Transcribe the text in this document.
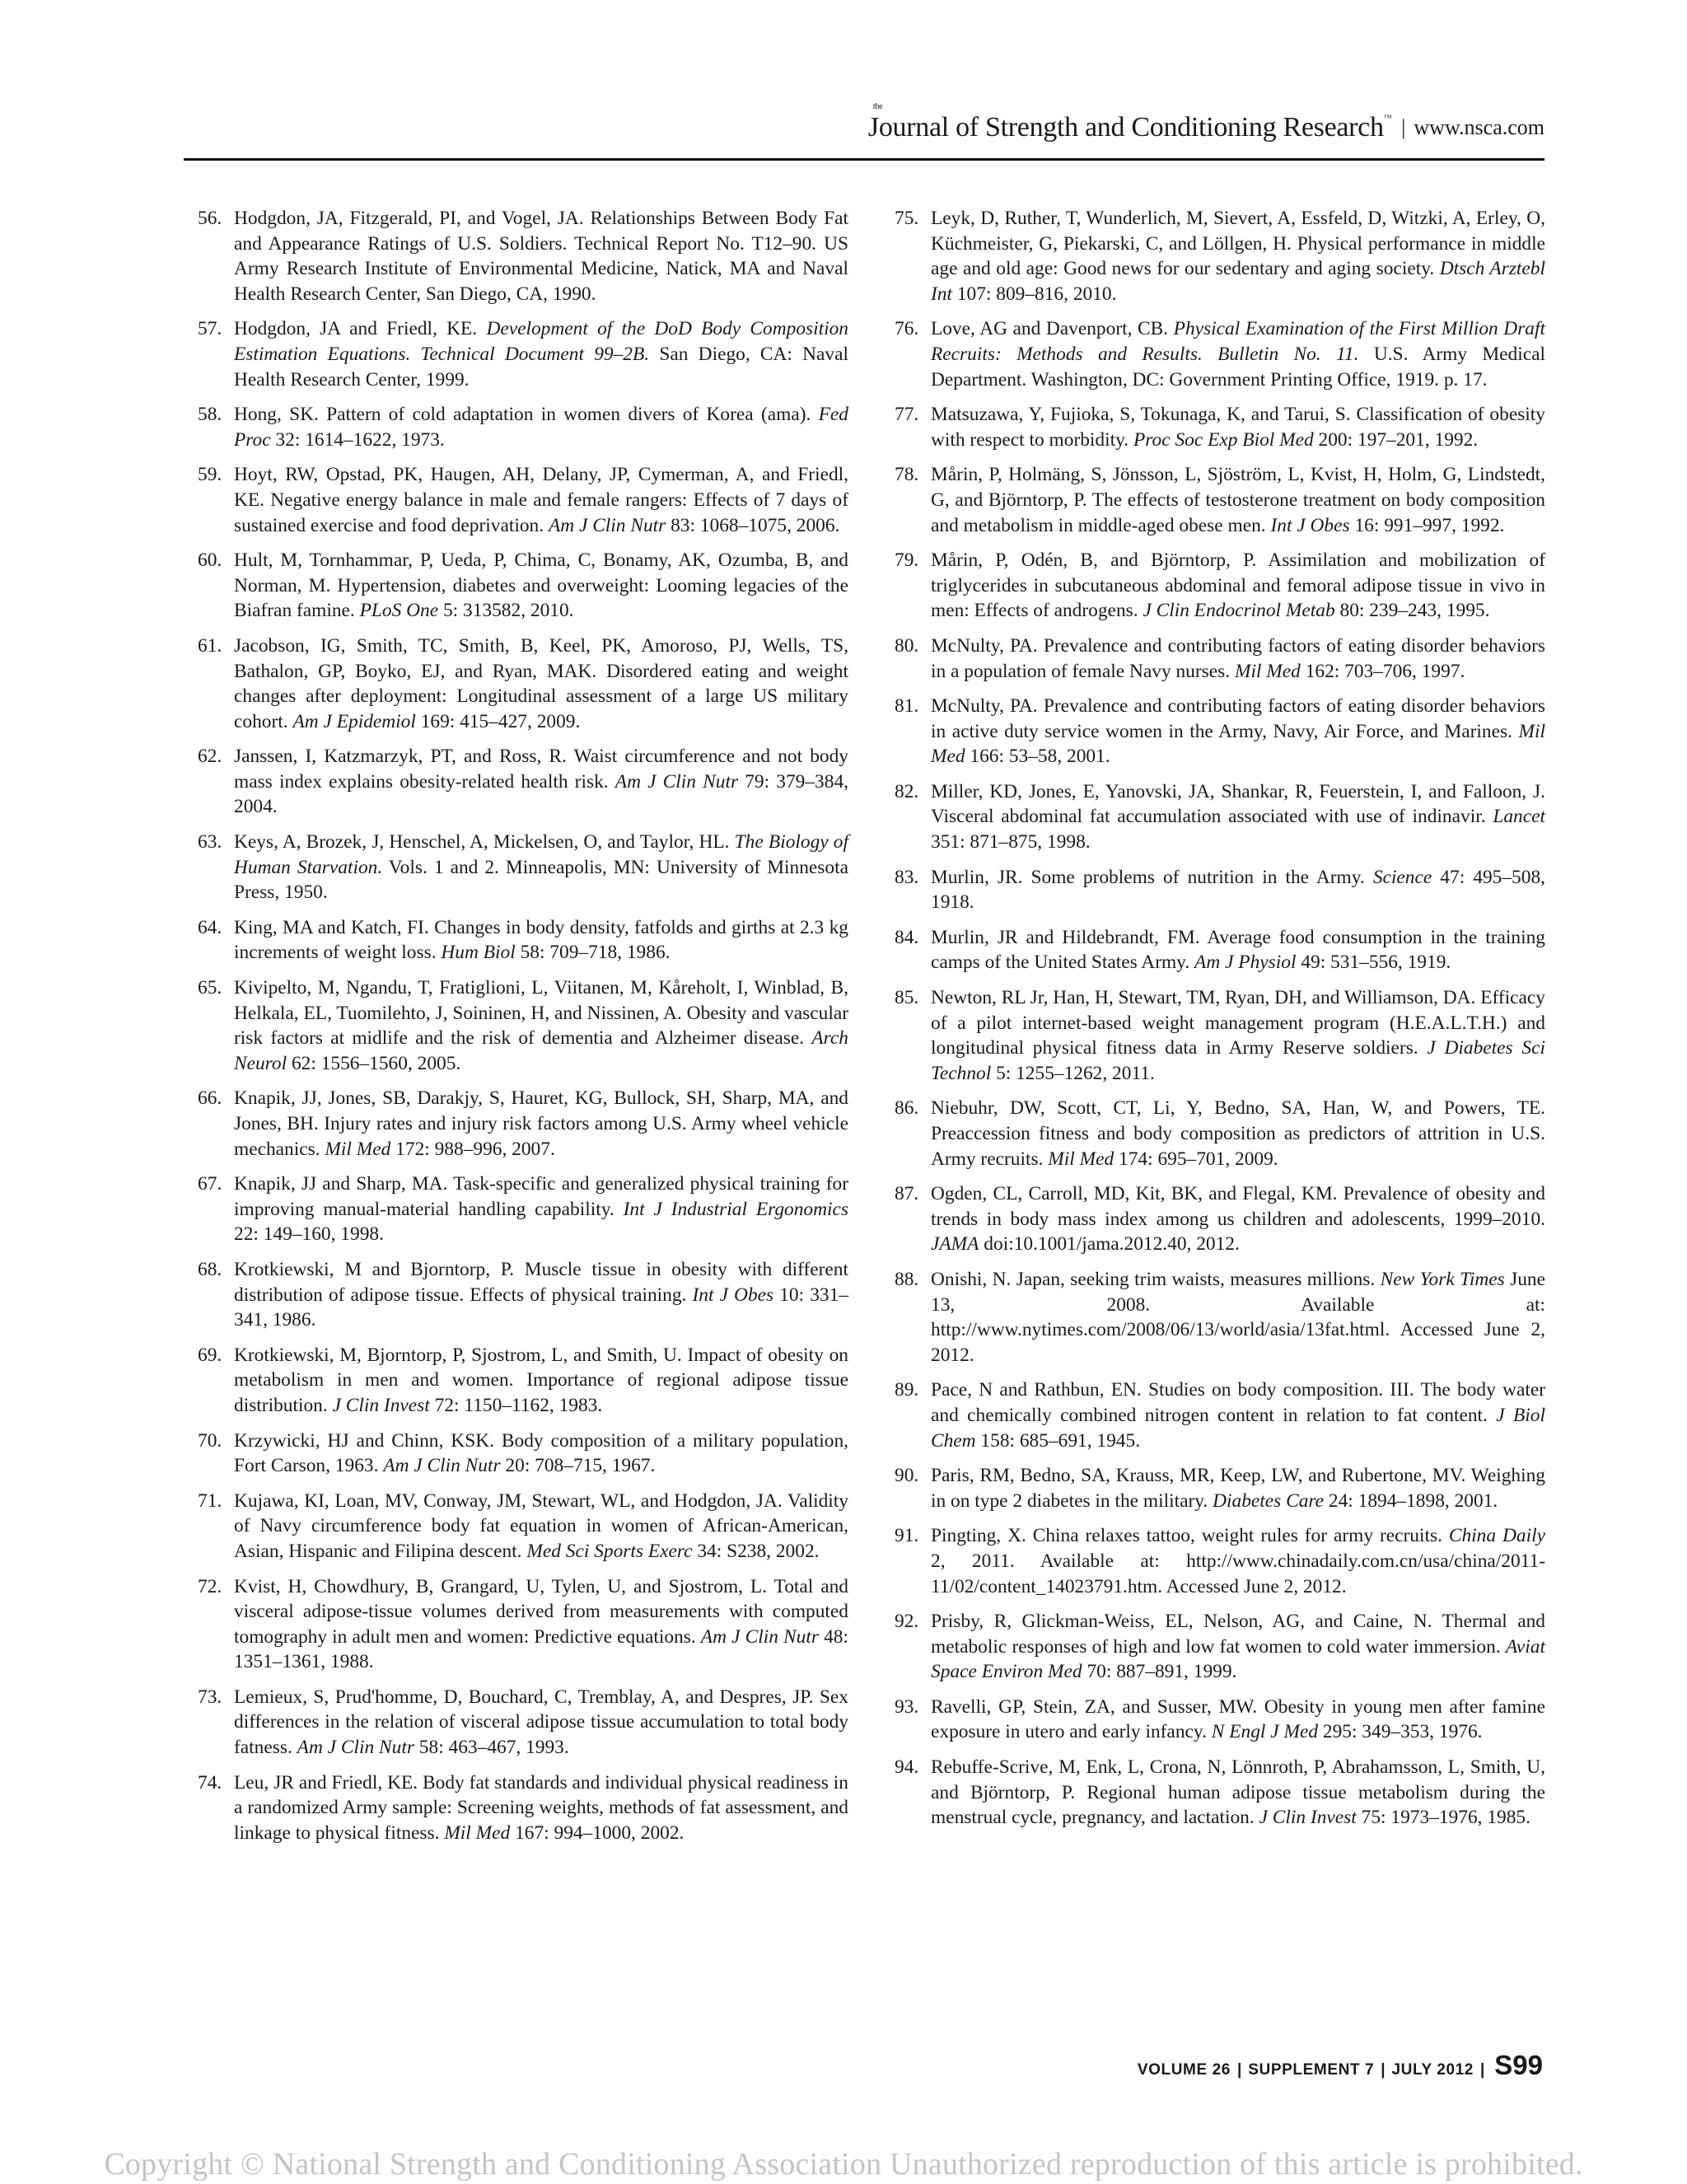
the
Journal of Strength and Conditioning Research™ | www.nsca.com

56. Hodgdon, JA, Fitzgerald, PI, and Vogel, JA. Relationships Between Body Fat and Appearance Ratings of U.S. Soldiers. Technical Report No. T12–90. US Army Research Institute of Environmental Medicine, Natick, MA and Naval Health Research Center, San Diego, CA, 1990.

57. Hodgdon, JA and Friedl, KE. Development of the DoD Body Composition Estimation Equations. Technical Document 99–2B. San Diego, CA: Naval Health Research Center, 1999.

58. Hong, SK. Pattern of cold adaptation in women divers of Korea (ama). Fed Proc 32: 1614–1622, 1973.

59. Hoyt, RW, Opstad, PK, Haugen, AH, Delany, JP, Cymerman, A, and Friedl, KE. Negative energy balance in male and female rangers: Effects of 7 days of sustained exercise and food deprivation. Am J Clin Nutr 83: 1068–1075, 2006.

60. Hult, M, Tornhammar, P, Ueda, P, Chima, C, Bonamy, AK, Ozumba, B, and Norman, M. Hypertension, diabetes and overweight: Looming legacies of the Biafran famine. PLoS One 5: 313582, 2010.

61. Jacobson, IG, Smith, TC, Smith, B, Keel, PK, Amoroso, PJ, Wells, TS, Bathalon, GP, Boyko, EJ, and Ryan, MAK. Disordered eating and weight changes after deployment: Longitudinal assessment of a large US military cohort. Am J Epidemiol 169: 415–427, 2009.

62. Janssen, I, Katzmarzyk, PT, and Ross, R. Waist circumference and not body mass index explains obesity-related health risk. Am J Clin Nutr 79: 379–384, 2004.

63. Keys, A, Brozek, J, Henschel, A, Mickelsen, O, and Taylor, HL. The Biology of Human Starvation. Vols. 1 and 2. Minneapolis, MN: University of Minnesota Press, 1950.

64. King, MA and Katch, FI. Changes in body density, fatfolds and girths at 2.3 kg increments of weight loss. Hum Biol 58: 709–718, 1986.

65. Kivipelto, M, Ngandu, T, Fratiglioni, L, Viitanen, M, Kåreholt, I, Winblad, B, Helkala, EL, Tuomilehto, J, Soininen, H, and Nissinen, A. Obesity and vascular risk factors at midlife and the risk of dementia and Alzheimer disease. Arch Neurol 62: 1556–1560, 2005.

66. Knapik, JJ, Jones, SB, Darakjy, S, Hauret, KG, Bullock, SH, Sharp, MA, and Jones, BH. Injury rates and injury risk factors among U.S. Army wheel vehicle mechanics. Mil Med 172: 988–996, 2007.

67. Knapik, JJ and Sharp, MA. Task-specific and generalized physical training for improving manual-material handling capability. Int J Industrial Ergonomics 22: 149–160, 1998.

68. Krotkiewski, M and Bjorntorp, P. Muscle tissue in obesity with different distribution of adipose tissue. Effects of physical training. Int J Obes 10: 331–341, 1986.

69. Krotkiewski, M, Bjorntorp, P, Sjostrom, L, and Smith, U. Impact of obesity on metabolism in men and women. Importance of regional adipose tissue distribution. J Clin Invest 72: 1150–1162, 1983.

70. Krzywicki, HJ and Chinn, KSK. Body composition of a military population, Fort Carson, 1963. Am J Clin Nutr 20: 708–715, 1967.

71. Kujawa, KI, Loan, MV, Conway, JM, Stewart, WL, and Hodgdon, JA. Validity of Navy circumference body fat equation in women of African-American, Asian, Hispanic and Filipina descent. Med Sci Sports Exerc 34: S238, 2002.

72. Kvist, H, Chowdhury, B, Grangard, U, Tylen, U, and Sjostrom, L. Total and visceral adipose-tissue volumes derived from measurements with computed tomography in adult men and women: Predictive equations. Am J Clin Nutr 48: 1351–1361, 1988.

73. Lemieux, S, Prud'homme, D, Bouchard, C, Tremblay, A, and Despres, JP. Sex differences in the relation of visceral adipose tissue accumulation to total body fatness. Am J Clin Nutr 58: 463–467, 1993.

74. Leu, JR and Friedl, KE. Body fat standards and individual physical readiness in a randomized Army sample: Screening weights, methods of fat assessment, and linkage to physical fitness. Mil Med 167: 994–1000, 2002.

75. Leyk, D, Ruther, T, Wunderlich, M, Sievert, A, Essfeld, D, Witzki, A, Erley, O, Küchmeister, G, Piekarski, C, and Löllgen, H. Physical performance in middle age and old age: Good news for our sedentary and aging society. Dtsch Arztebl Int 107: 809–816, 2010.

76. Love, AG and Davenport, CB. Physical Examination of the First Million Draft Recruits: Methods and Results. Bulletin No. 11. U.S. Army Medical Department. Washington, DC: Government Printing Office, 1919. p. 17.

77. Matsuzawa, Y, Fujioka, S, Tokunaga, K, and Tarui, S. Classification of obesity with respect to morbidity. Proc Soc Exp Biol Med 200: 197–201, 1992.

78. Mårin, P, Holmäng, S, Jönsson, L, Sjöström, L, Kvist, H, Holm, G, Lindstedt, G, and Björntorp, P. The effects of testosterone treatment on body composition and metabolism in middle-aged obese men. Int J Obes 16: 991–997, 1992.

79. Mårin, P, Odén, B, and Björntorp, P. Assimilation and mobilization of triglycerides in subcutaneous abdominal and femoral adipose tissue in vivo in men: Effects of androgens. J Clin Endocrinol Metab 80: 239–243, 1995.

80. McNulty, PA. Prevalence and contributing factors of eating disorder behaviors in a population of female Navy nurses. Mil Med 162: 703–706, 1997.

81. McNulty, PA. Prevalence and contributing factors of eating disorder behaviors in active duty service women in the Army, Navy, Air Force, and Marines. Mil Med 166: 53–58, 2001.

82. Miller, KD, Jones, E, Yanovski, JA, Shankar, R, Feuerstein, I, and Falloon, J. Visceral abdominal fat accumulation associated with use of indinavir. Lancet 351: 871–875, 1998.

83. Murlin, JR. Some problems of nutrition in the Army. Science 47: 495–508, 1918.

84. Murlin, JR and Hildebrandt, FM. Average food consumption in the training camps of the United States Army. Am J Physiol 49: 531–556, 1919.

85. Newton, RL Jr, Han, H, Stewart, TM, Ryan, DH, and Williamson, DA. Efficacy of a pilot internet-based weight management program (H.E.A.L.T.H.) and longitudinal physical fitness data in Army Reserve soldiers. J Diabetes Sci Technol 5: 1255–1262, 2011.

86. Niebuhr, DW, Scott, CT, Li, Y, Bedno, SA, Han, W, and Powers, TE. Preaccession fitness and body composition as predictors of attrition in U.S. Army recruits. Mil Med 174: 695–701, 2009.

87. Ogden, CL, Carroll, MD, Kit, BK, and Flegal, KM. Prevalence of obesity and trends in body mass index among us children and adolescents, 1999–2010. JAMA doi:10.1001/jama.2012.40, 2012.

88. Onishi, N. Japan, seeking trim waists, measures millions. New York Times June 13, 2008. Available at: http://www.nytimes.com/2008/06/13/world/asia/13fat.html. Accessed June 2, 2012.

89. Pace, N and Rathbun, EN. Studies on body composition. III. The body water and chemically combined nitrogen content in relation to fat content. J Biol Chem 158: 685–691, 1945.

90. Paris, RM, Bedno, SA, Krauss, MR, Keep, LW, and Rubertone, MV. Weighing in on type 2 diabetes in the military. Diabetes Care 24: 1894–1898, 2001.

91. Pingting, X. China relaxes tattoo, weight rules for army recruits. China Daily 2, 2011. Available at: http://www.chinadaily.com.cn/usa/china/2011-11/02/content_14023791.htm. Accessed June 2, 2012.

92. Prisby, R, Glickman-Weiss, EL, Nelson, AG, and Caine, N. Thermal and metabolic responses of high and low fat women to cold water immersion. Aviat Space Environ Med 70: 887–891, 1999.

93. Ravelli, GP, Stein, ZA, and Susser, MW. Obesity in young men after famine exposure in utero and early infancy. N Engl J Med 295: 349–353, 1976.

94. Rebuffe-Scrive, M, Enk, L, Crona, N, Lönnroth, P, Abrahamsson, L, Smith, U, and Björntorp, P. Regional human adipose tissue metabolism during the menstrual cycle, pregnancy, and lactation. J Clin Invest 75: 1973–1976, 1985.

VOLUME 26 | SUPPLEMENT 7 | JULY 2012 | S99
Copyright © National Strength and Conditioning Association Unauthorized reproduction of this article is prohibited.
